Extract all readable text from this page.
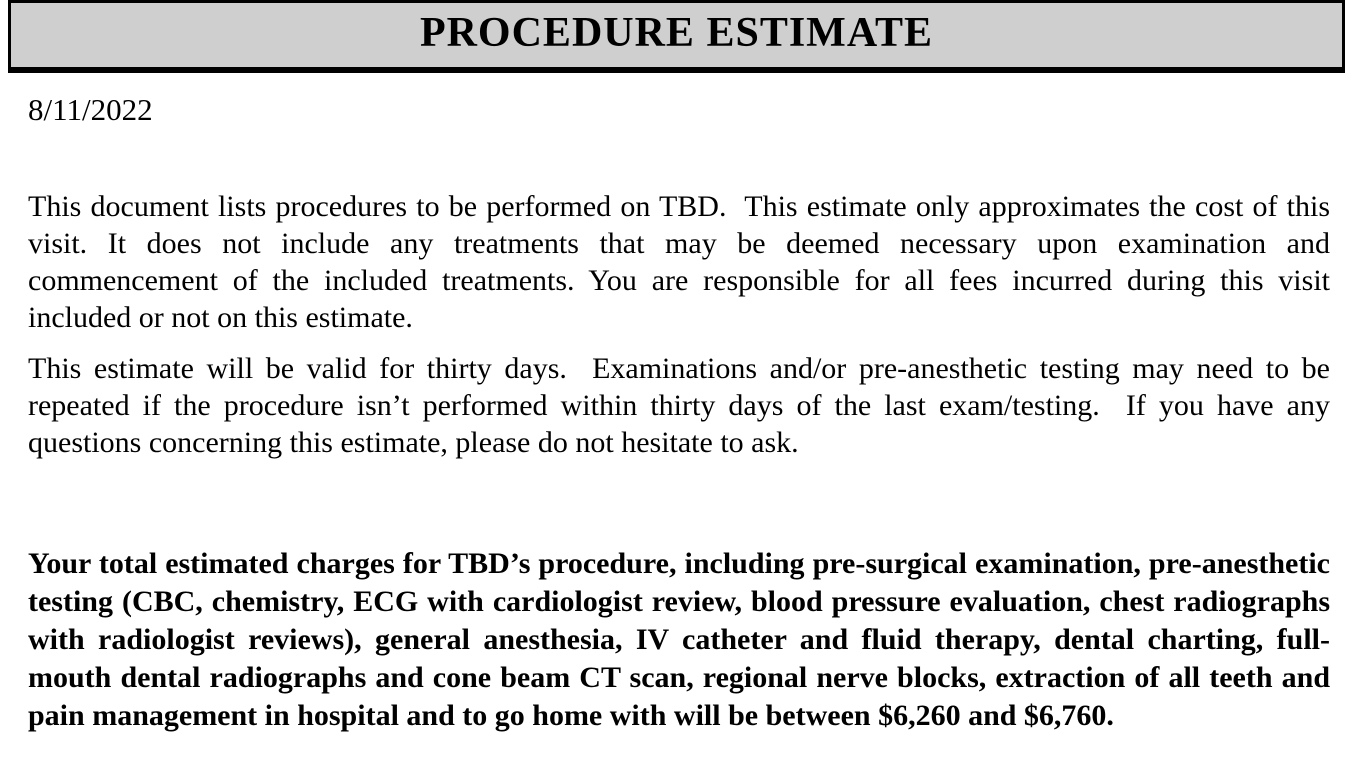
PROCEDURE ESTIMATE

8/11/2022

This document lists procedures to be performed on TBD.  This estimate only approximates the cost of this visit. It does not include any treatments that may be deemed necessary upon examination and commencement of the included treatments. You are responsible for all fees incurred during this visit included or not on this estimate.

This estimate will be valid for thirty days.  Examinations and/or pre-anesthetic testing may need to be repeated if the procedure isn’t performed within thirty days of the last exam/testing.  If you have any questions concerning this estimate, please do not hesitate to ask.

Your total estimated charges for TBD’s procedure, including pre-surgical examination, pre-anesthetic testing (CBC, chemistry, ECG with cardiologist review, blood pressure evaluation, chest radiographs with radiologist reviews), general anesthesia, IV catheter and fluid therapy, dental charting, full-mouth dental radiographs and cone beam CT scan, regional nerve blocks, extraction of all teeth and pain management in hospital and to go home with will be between $6,260 and $6,760.
